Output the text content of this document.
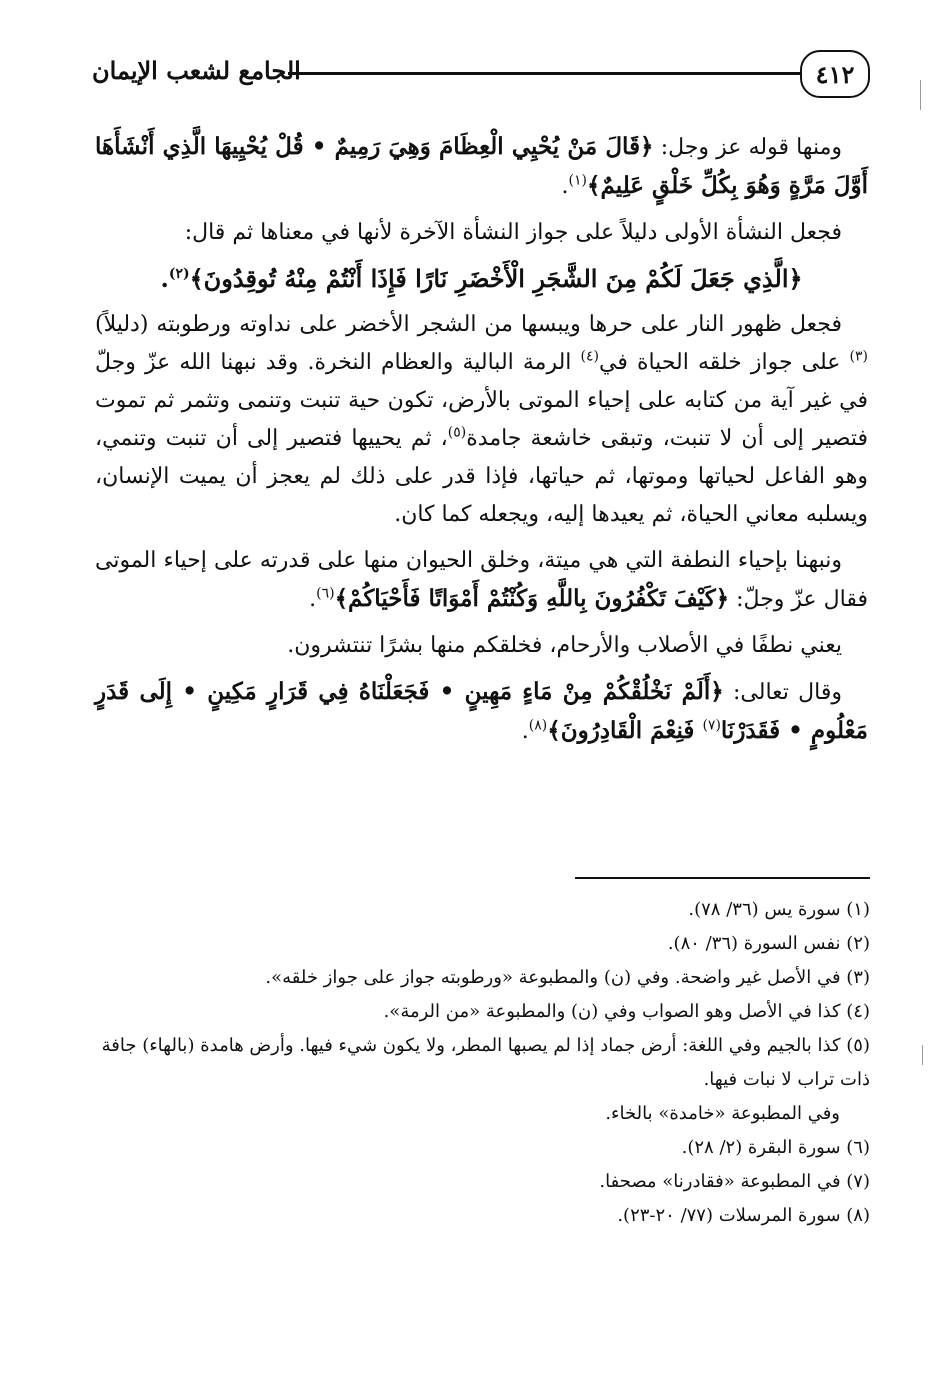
٤١٢
الجامع لشعب الإيمان

ومنها قوله عز وجل: ﴿قَالَ مَنْ يُحْيِي الْعِظَامَ وَهِيَ رَمِيمٌ • قُلْ يُحْيِيهَا الَّذِي أَنْشَأَهَا أَوَّلَ مَرَّةٍ وَهُوَ بِكُلِّ خَلْقٍ عَلِيمٌ﴾$^{(١)}$.

فجعل النشأة الأولى دليلاً على جواز النشأة الآخرة لأنها في معناها ثم قال:

﴿الَّذِي جَعَلَ لَكُمْ مِنَ الشَّجَرِ الْأَخْضَرِ نَارًا فَإِذَا أَنْتُمْ مِنْهُ تُوقِدُونَ﴾$^{(٢)}$.

فجعل ظهور النار على حرها ويبسها من الشجر الأخضر على نداوته ورطوبته (دليلاً)$^{(٣)}$ على جواز خلقه الحياة في$^{(٤)}$ الرمة البالية والعظام النخرة. وقد نبهنا الله عزّ وجلّ في غير آية من كتابه على إحياء الموتى بالأرض، تكون حية تنبت وتنمى وتثمر ثم تموت فتصير إلى أن لا تنبت، وتبقى خاشعة جامدة$^{(٥)}$، ثم يحييها فتصير إلى أن تنبت وتنمي، وهو الفاعل لحياتها وموتها، ثم حياتها، فإذا قدر على ذلك لم يعجز أن يميت الإنسان، ويسلبه معاني الحياة، ثم يعيدها إليه، ويجعله كما كان.

ونبهنا بإحياء النطفة التي هي ميتة، وخلق الحيوان منها على قدرته على إحياء الموتى فقال عزّ وجلّ: ﴿كَيْفَ تَكْفُرُونَ بِاللَّهِ وَكُنْتُمْ أَمْوَاتًا فَأَحْيَاكُمْ﴾$^{(٦)}$.

يعني نطفًا في الأصلاب والأرحام، فخلقكم منها بشرًا تنتشرون.

وقال تعالى: ﴿أَلَمْ نَخْلُقْكُمْ مِنْ مَاءٍ مَهِينٍ • فَجَعَلْنَاهُ فِي قَرَارٍ مَكِينٍ • إِلَى قَدَرٍ مَعْلُومٍ • فَقَدَرْنَا$^{(٧)}$ فَنِعْمَ الْقَادِرُونَ﴾$^{(٨)}$.

(١) سورة يس (٣٦/ ٧٨).

(٢) نفس السورة (٣٦/ ٨٠).

(٣) في الأصل غير واضحة. وفي (ن) والمطبوعة «ورطوبته جواز على جواز خلقه».

(٤) كذا في الأصل وهو الصواب وفي (ن) والمطبوعة «من الرمة».

(٥) كذا بالجيم وفي اللغة: أرض جماد إذا لم يصبها المطر، ولا يكون شيء فيها. وأرض هامدة (بالهاء) جافة ذات تراب لا نبات فيها.

وفي المطبوعة «خامدة» بالخاء.

(٦) سورة البقرة (٢/ ٢٨).

(٧) في المطبوعة «فقادرنا» مصحفا.

(٨) سورة المرسلات (٧٧/ ٢٠-٢٣).
